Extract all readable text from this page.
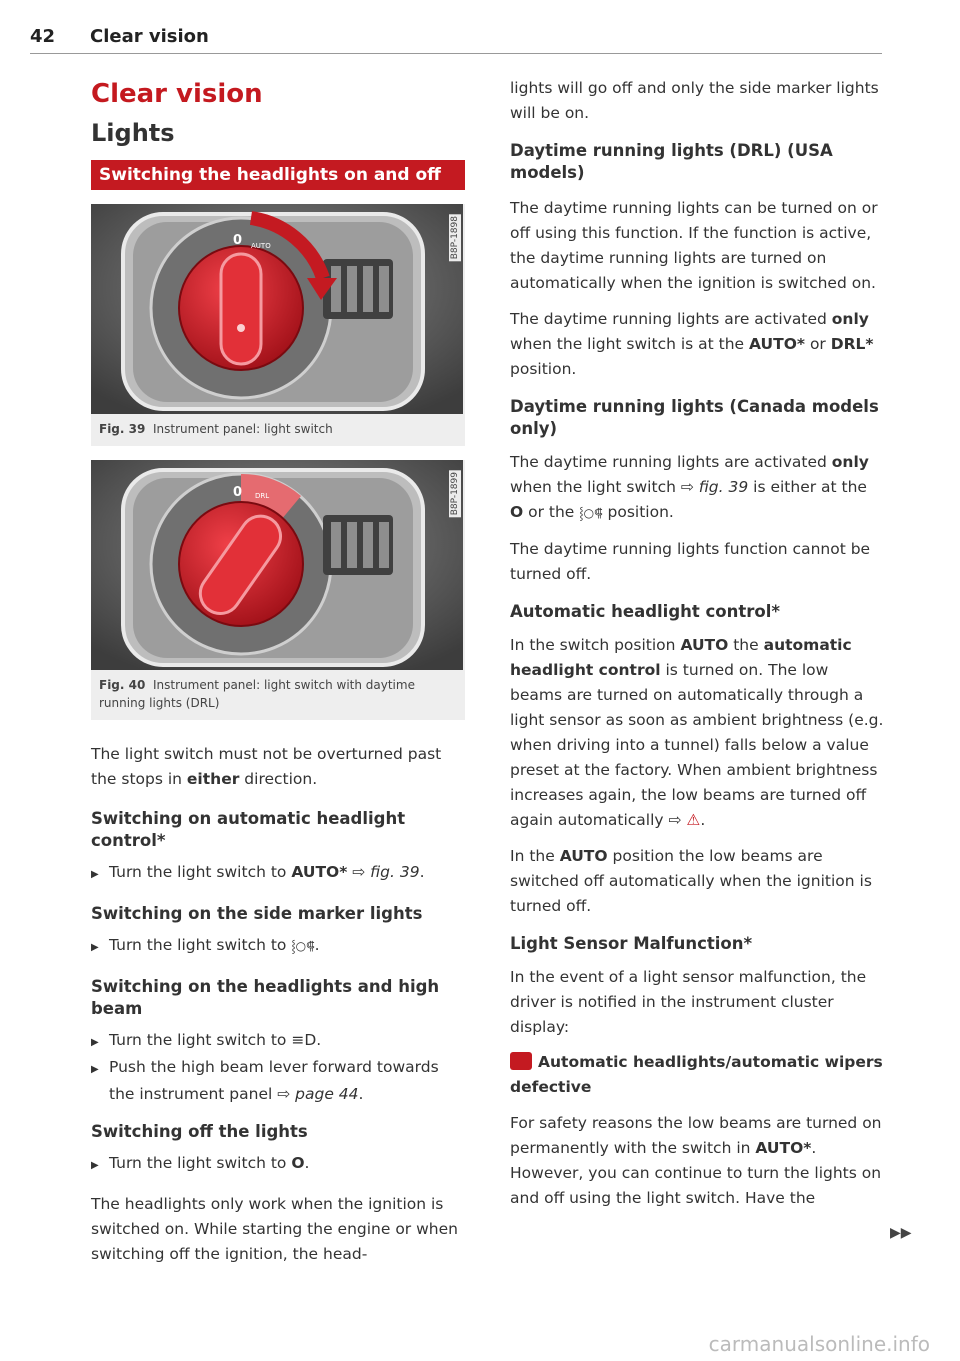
42 Clear vision
Clear vision
Lights
Switching the headlights on and off
0 AUTO	B8P-1898
Fig. 39 Instrument panel: light switch
0 DRL	B8P-1899
Fig. 40 Instrument panel: light switch with daytime running lights (DRL)

The light switch must not be overturned past the stops in either direction.

Switching on automatic headlight control*
▶ Turn the light switch to AUTO* ⇨ fig. 39.
Switching on the side marker lights
▶ Turn the light switch to ⸾○⸿.
Switching on the headlights and high beam
▶ Turn the light switch to ≡D.
▶ Push the high beam lever forward towards the instrument panel ⇨ page 44.
Switching off the lights
▶ Turn the light switch to O.

The headlights only work when the ignition is switched on. While starting the engine or when switching off the ignition, the head-

lights will go off and only the side marker lights will be on.

Daytime running lights (DRL) (USA models)

The daytime running lights can be turned on or off using this function. If the function is active, the daytime running lights are turned on automatically when the ignition is switched on.

The daytime running lights are activated only when the light switch is at the AUTO* or DRL* position.

Daytime running lights (Canada models only)

The daytime running lights are activated only when the light switch ⇨ fig. 39 is either at the O or the ⸾○⸿ position.

The daytime running lights function cannot be turned off.

Automatic headlight control*

In the switch position AUTO the automatic headlight control is turned on. The low beams are turned on automatically through a light sensor as soon as ambient brightness (e.g. when driving into a tunnel) falls below a value preset at the factory. When ambient brightness increases again, the low beams are turned off again automatically ⇨ ⚠.

In the AUTO position the low beams are switched off automatically when the ignition is turned off.

Light Sensor Malfunction*

In the event of a light sensor malfunction, the driver is notified in the instrument cluster display:

Automatic headlights/automatic wipers defective

For safety reasons the low beams are turned on permanently with the switch in AUTO*. However, you can continue to turn the lights on and off using the light switch. Have the

▶▶
carmanualsonline.info
